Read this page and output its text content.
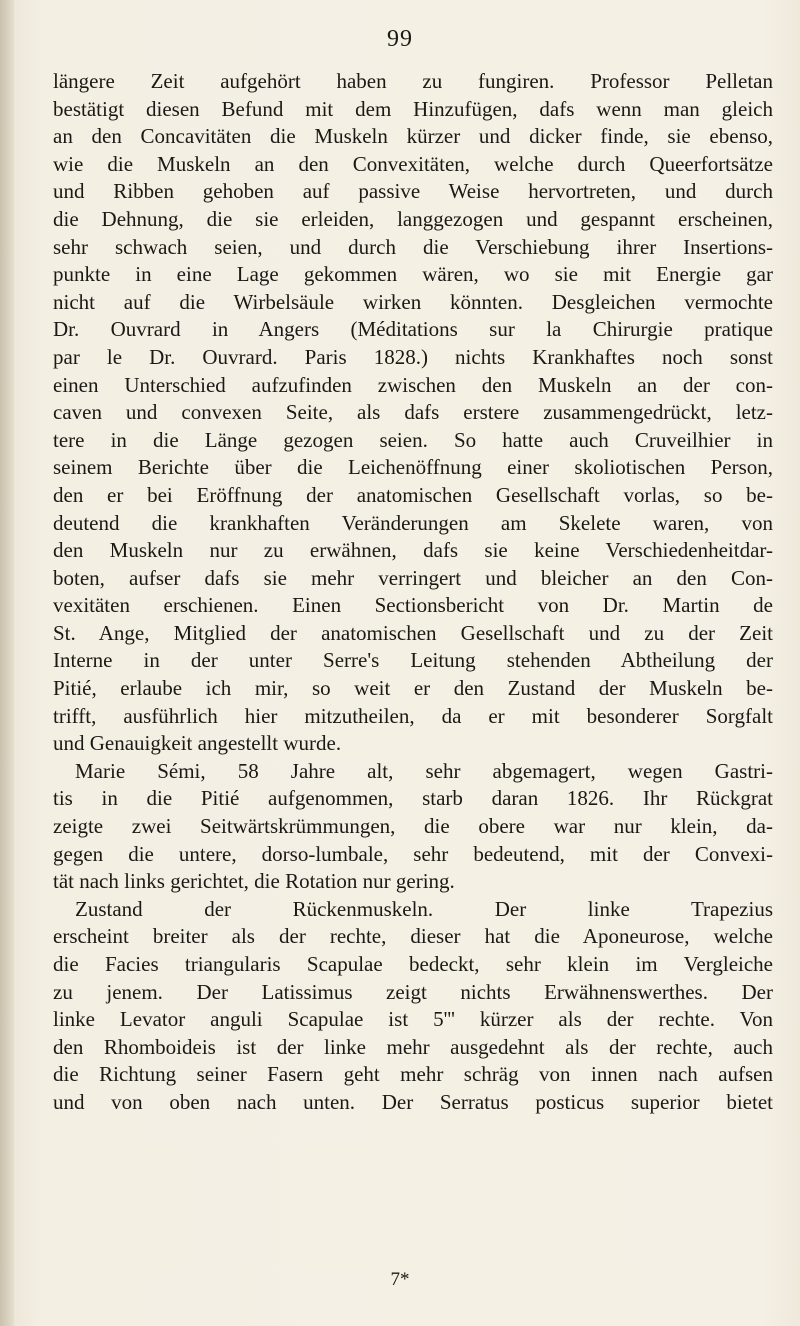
99
längere Zeit aufgehört haben zu fungiren. Professor Pelletan
bestätigt diesen Befund mit dem Hinzufügen, dafs wenn man gleich
an den Concavitäten die Muskeln kürzer und dicker finde, sie ebenso,
wie die Muskeln an den Convexitäten, welche durch Queerfortsätze
und Ribben gehoben auf passive Weise hervortreten, und durch
die Dehnung, die sie erleiden, langgezogen und gespannt erscheinen,
sehr schwach seien, und durch die Verschiebung ihrer Insertions-
punkte in eine Lage gekommen wären, wo sie mit Energie gar
nicht auf die Wirbelsäule wirken könnten. Desgleichen vermochte
Dr. Ouvrard in Angers (Méditations sur la Chirurgie pratique
par le Dr. Ouvrard. Paris 1828.) nichts Krankhaftes noch sonst
einen Unterschied aufzufinden zwischen den Muskeln an der con-
caven und convexen Seite, als dafs erstere zusammengedrückt, letz-
tere in die Länge gezogen seien. So hatte auch Cruveilhier in
seinem Berichte über die Leichenöffnung einer skoliotischen Person,
den er bei Eröffnung der anatomischen Gesellschaft vorlas, so be-
deutend die krankhaften Veränderungen am Skelete waren, von
den Muskeln nur zu erwähnen, dafs sie keine Verschiedenheitdar-
boten, aufser dafs sie mehr verringert und bleicher an den Con-
vexitäten erschienen. Einen Sectionsbericht von Dr. Martin de
St. Ange, Mitglied der anatomischen Gesellschaft und zu der Zeit
Interne in der unter Serre's Leitung stehenden Abtheilung der
Pitié, erlaube ich mir, so weit er den Zustand der Muskeln be-
trifft, ausführlich hier mitzutheilen, da er mit besonderer Sorgfalt
und Genauigkeit angestellt wurde.
Marie Sémi, 58 Jahre alt, sehr abgemagert, wegen Gastri-
tis in die Pitié aufgenommen, starb daran 1826. Ihr Rückgrat
zeigte zwei Seitwärtskrümmungen, die obere war nur klein, da-
gegen die untere, dorso-lumbale, sehr bedeutend, mit der Convexi-
tät nach links gerichtet, die Rotation nur gering.
Zustand der Rückenmuskeln. Der linke Trapezius
erscheint breiter als der rechte, dieser hat die Aponeurose, welche
die Facies triangularis Scapulae bedeckt, sehr klein im Vergleiche
zu jenem. Der Latissimus zeigt nichts Erwähnenswerthes. Der
linke Levator anguli Scapulae ist 5''' kürzer als der rechte. Von
den Rhomboideis ist der linke mehr ausgedehnt als der rechte, auch
die Richtung seiner Fasern geht mehr schräg von innen nach aufsen
und von oben nach unten. Der Serratus posticus superior bietet
7*
